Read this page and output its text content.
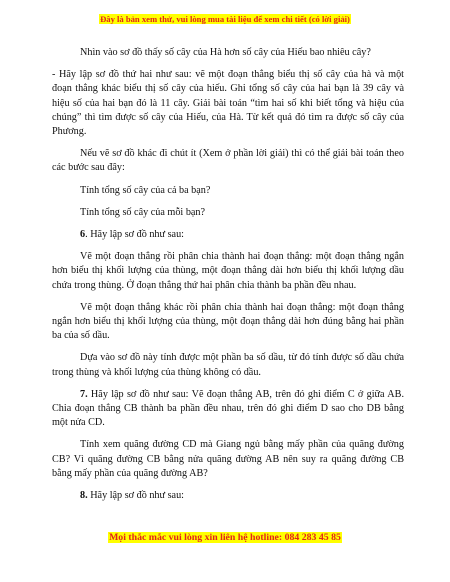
Đây là bản xem thử, vui lòng mua tài liệu để xem chi tiết (có lời giải)

Nhìn vào sơ đồ thấy số cây của Hà hơn số cây của Hiếu bao nhiêu cây?

- Hãy lập sơ đồ thứ hai như sau: vẽ một đoạn thẳng biểu thị số cây của hà và một đoạn thẳng khác biểu thị số cây của hiếu. Ghi tổng số cây của hai bạn là 39 cây và hiệu số của hai bạn đó là 11 cây. Giải bài toán “tìm hai số khi biết tổng và hiệu của chúng” thì tìm được số cây của Hiếu, của Hà. Từ kết quả đó tìm ra được số cây của Phương.

Nếu vẽ sơ đồ khác đi chút ít (Xem ở phần lời giải) thì có thể giải bài toán theo các bước sau đây:

Tính tổng số cây của cả ba bạn?

Tính tổng số cây của mỗi bạn?

6. Hãy lập sơ đồ như sau:

Vẽ một đoạn thẳng rồi phân chia thành hai đoạn thẳng: một đoạn thẳng ngắn hơn biểu thị khối lượng của thùng, một đoạn thẳng dài hơn biểu thị khối lượng dầu chứa trong thùng. Ở đoạn thẳng thứ hai phân chia thành ba phần đều nhau.

Vẽ một đoạn thẳng khác rồi phân chia thành hai đoạn thẳng: một đoạn thẳng ngắn hơn biểu thị khối lượng của thùng, một đoạn thẳng dài hơn đúng bằng hai phần ba của số dầu.

Dựa vào sơ đồ này tính được một phần ba số dầu, từ đó tính được số dầu chứa trong thùng và khối lượng của thùng không có dầu.

7. Hãy lập sơ đồ như sau: Vẽ đoạn thẳng AB, trên đó ghi điểm C ở giữa AB. Chia đoạn thẳng CB thành ba phần đều nhau, trên đó ghi điểm D sao cho DB bằng một nửa CD.

Tính xem quãng đường CD mà Giang ngủ bằng mấy phần của quãng đường CB? Vì quãng đường CB bằng nửa quãng đường AB nên suy ra quãng đường CB bằng mấy phần của quãng đường AB?

8. Hãy lập sơ đồ như sau:

Mọi thắc mắc vui lòng xin liên hệ hotline: 084 283 45 85
